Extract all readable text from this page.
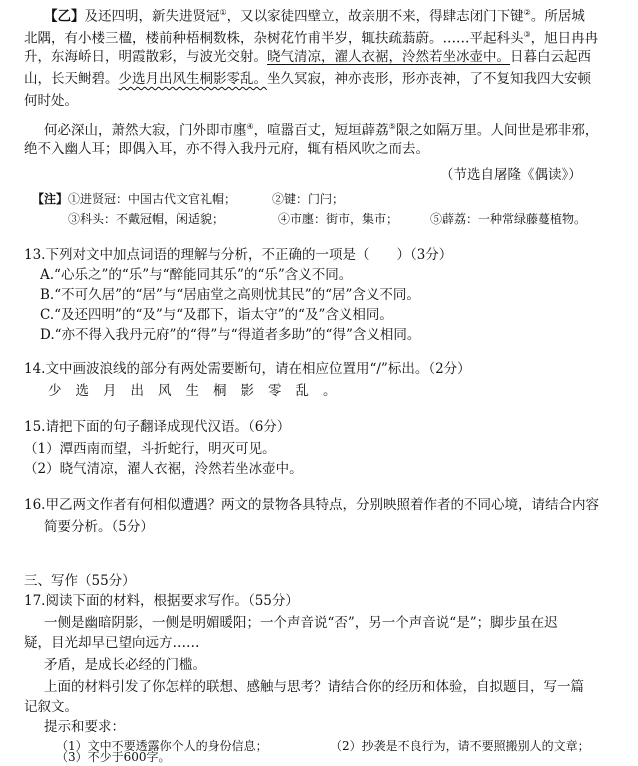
【乙】及还四明，新失进贤冠①，又以家徒四壁立，故亲朋不来，得肆志闭门下键②。所居城
北隅，有小楼三楹，楼前种梧桐数株，杂树花竹甫半岁，辄扶疏蓊蔚。……平起科头③，旭日冉冉
升，东海峤日，明霞散彩，与波光交射。晓气清凉，濯人衣裾，泠然若坐冰壶中。日暮白云起西
山，长天鲥碧。少选月出风生桐影零乱。坐久冥寂，神亦丧形，形亦丧神，了不复知我四大安顿
何时处。
何必深山，萧然大寂，门外即市廛④，喧嚣百丈，短垣薜荔⑤限之如隔万里。人间世是邪非邪，
绝不入幽人耳；即偶入耳，亦不得入我丹元府，辄有梧风吹之而去。
（节选自屠隆《偶读》）
【注】①进贤冠：中国古代文官礼帽；	②键：门闩；
③科头：不戴冠帽，闲适貌；	④市廛：街市，集市；	⑤薜荔：一种常绿藤蔓植物。
13.下列对文中加点词语的理解与分析，不正确的一项是（　　）（3分）
A.“心乐之”的“乐”与“醉能同其乐”的“乐”含义不同。
B.“不可久居”的“居”与“居庙堂之高则忧其民”的“居”含义不同。
C.“及还四明”的“及”与“及郡下，诣太守”的“及”含义相同。
D.“亦不得入我丹元府”的“得”与“得道者多助”的“得”含义相同。
14.文中画波浪线的部分有两处需要断句，请在相应位置用“/”标出。（2分）
少选月出风生桐影零乱。
15.请把下面的句子翻译成现代汉语。（6分）
（1）潭西南而望，斗折蛇行，明灭可见。
（2）晓气清凉，濯人衣裾，泠然若坐冰壶中。
16.甲乙两文作者有何相似遭遇？两文的景物各具特点，分别映照着作者的不同心境，请结合内容
简要分析。（5分）
三、写作（55分）
17.阅读下面的材料，根据要求写作。（55分）
一侧是幽暗阴影，一侧是明媚暖阳；一个声音说“否”，另一个声音说“是”；脚步虽在迟
疑，目光却早已望向远方……
矛盾，是成长必经的门槛。
上面的材料引发了你怎样的联想、感触与思考？请结合你的经历和体验，自拟题目，写一篇
记叙文。
提示和要求：
（1）文中不要透露你个人的身份信息；	（2）抄袭是不良行为，请不要照搬别人的文章；
（3）不少于600字。
